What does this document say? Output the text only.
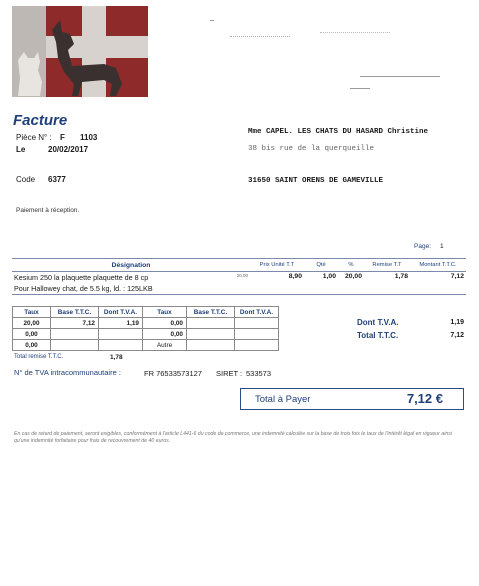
Facture
Pièce N° : F 1103
Le	20/02/2017
Code 6377
Paiement à réception.
Mme CAPEL. LES CHATS DU HASARD Christine
38 bis rue de la querqueille
31650 SAINT ORENS DE GAMEVILLE
Page: 1
Désignation	Prix Unité T.T	Qté	%	Remise T.T	Montant T.T.C.
Kesium 250 la plaquette plaquette de 8 cp 20.00	8,90	1,00	20,00	1,78	7,12
Pour Hallowey chat, de 5.5 kg, ld. : 125LKB					
Taux	Base T.T.C.	Dont T.V.A.	Taux	Base T.T.C.	Dont T.V.A.
20,00	7,12	1,19	0,00		
0,00			0,00		
0,00			Autre		
Dont T.V.A.	1,19
Total T.T.C.	7,12
Total remise T.T.C.	1,78
N° de TVA intracommunautaire :	FR 76533573127 SIRET : 533573
Total à Payer	7,12 €
En cas de retard de paiement, seront exigibles, conformément à l'article L441-6 du code de commerce, une indemnité calculée sur la base de trois fois le taux de l'intérêt légal en vigueur ainsi qu'une indemnité forfaitaire pour frais de recouvrement de 40 euros.
